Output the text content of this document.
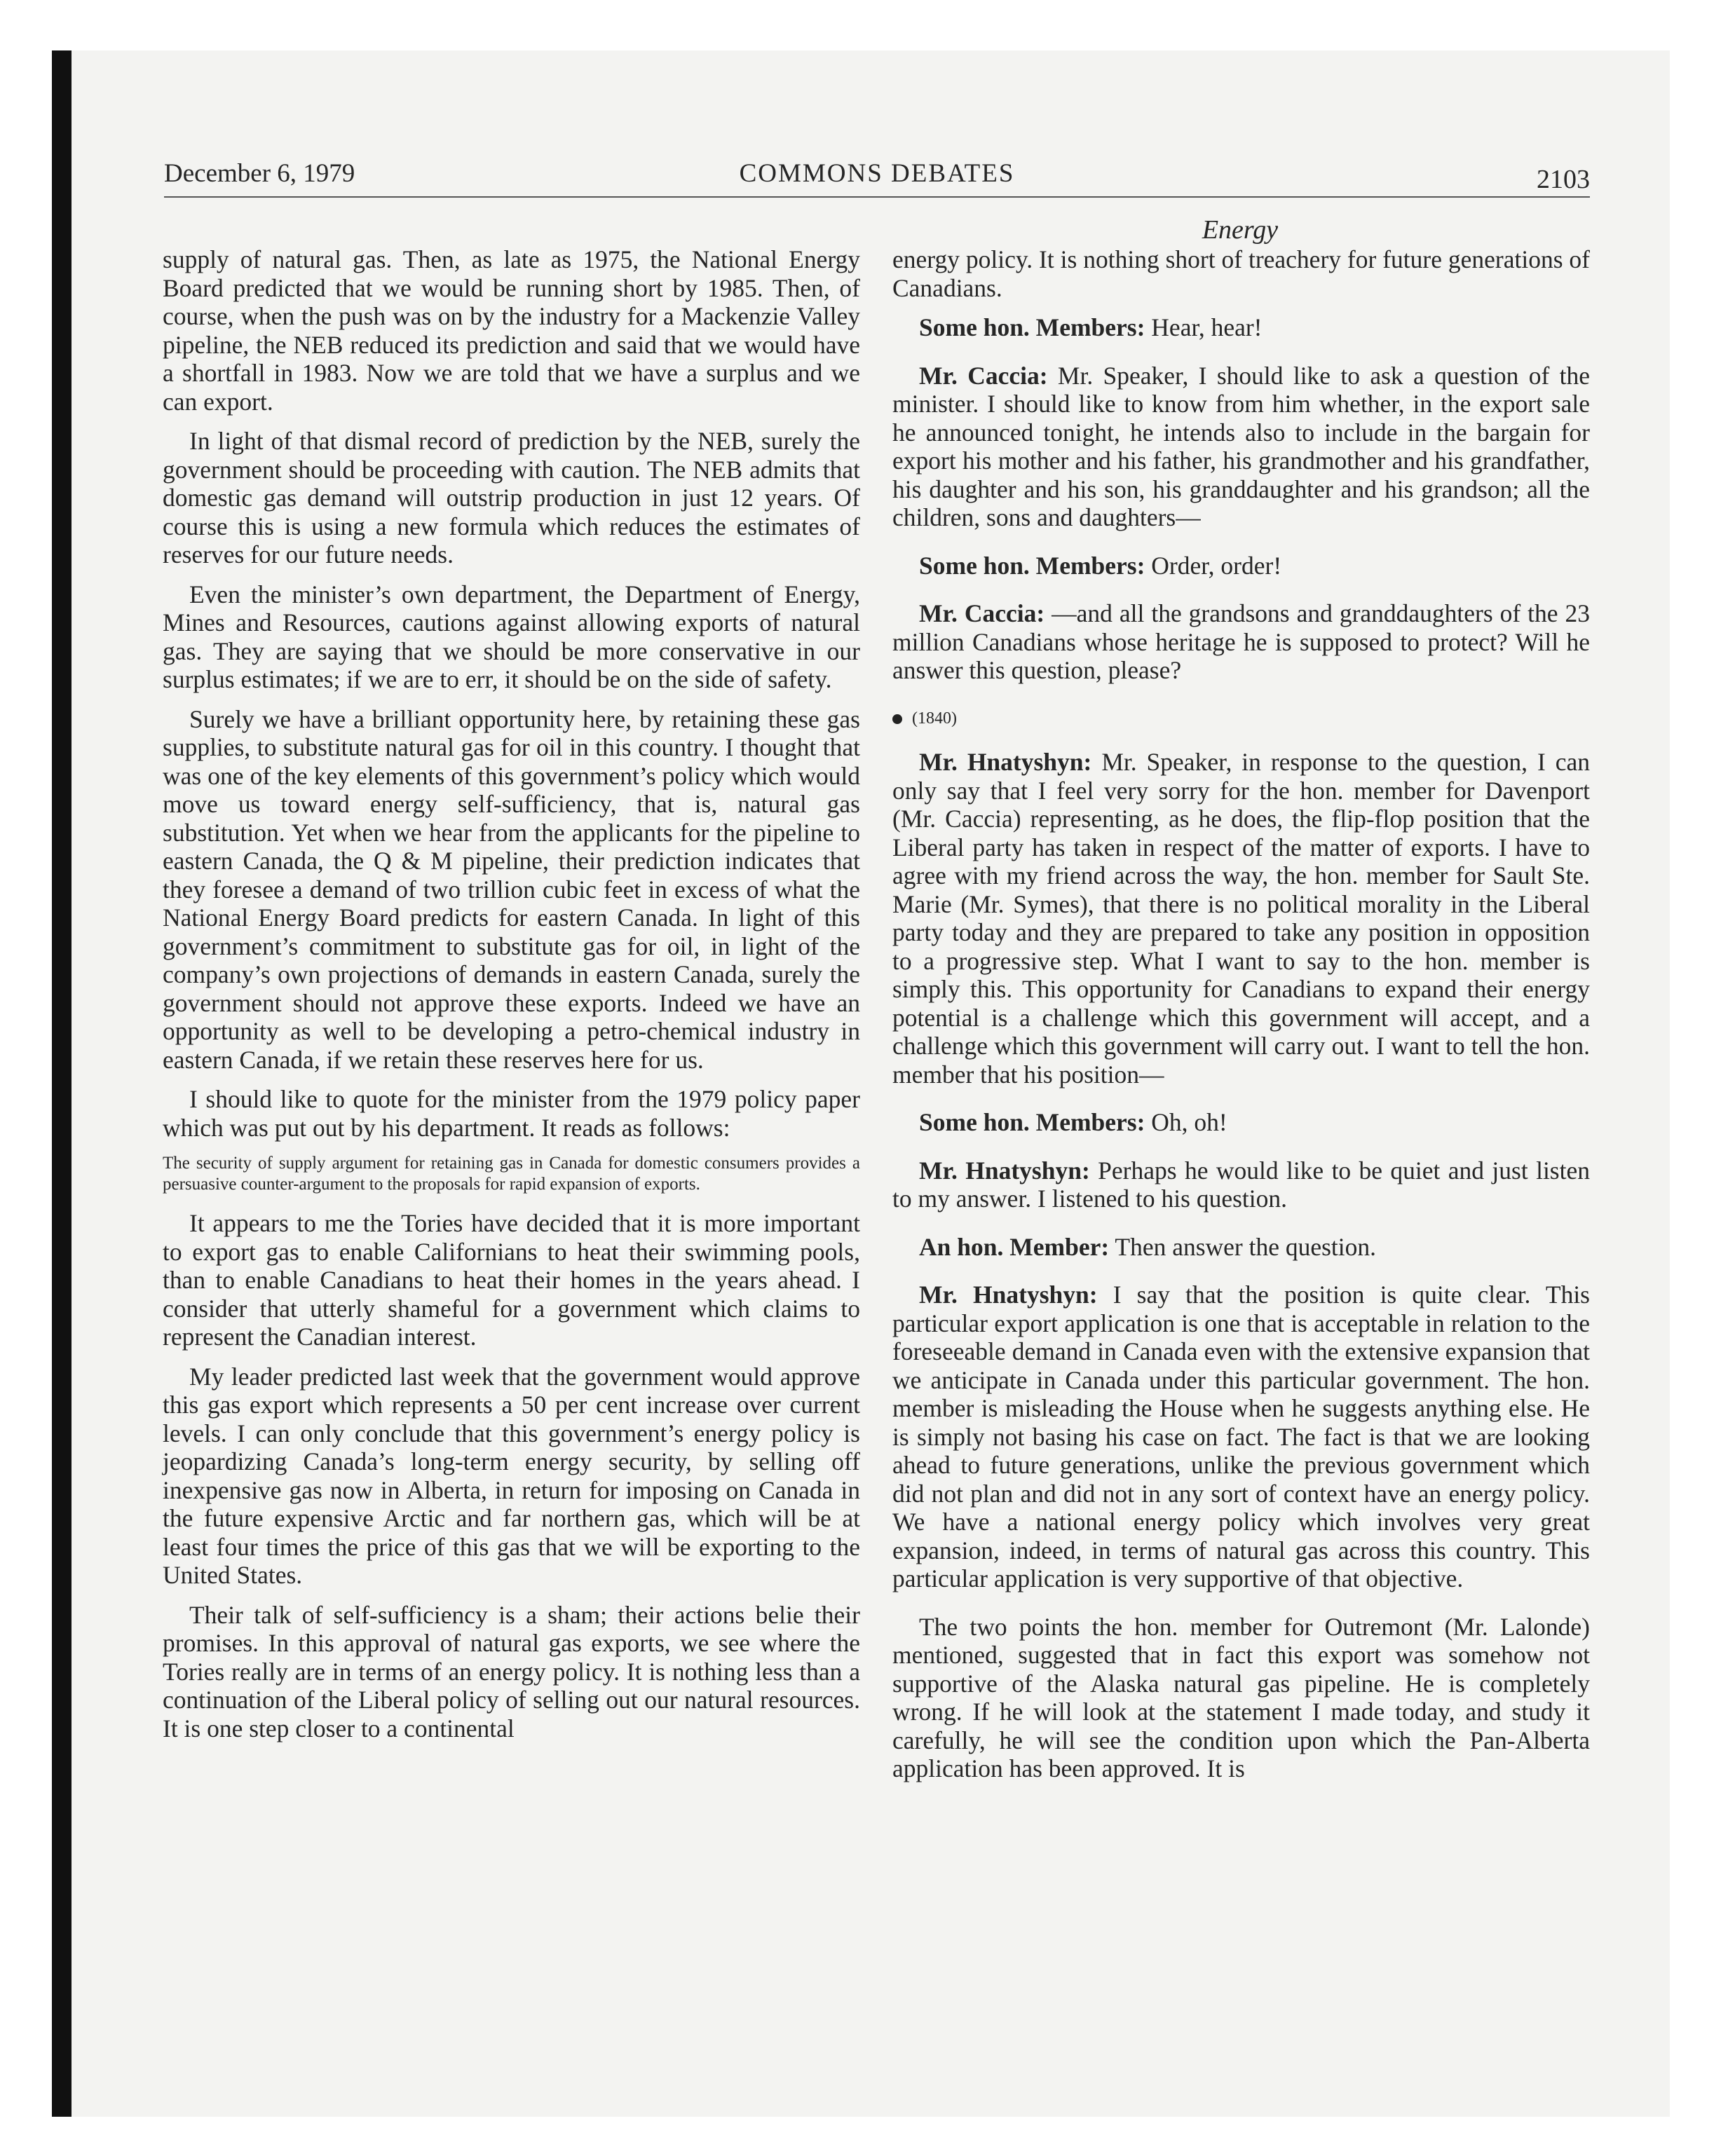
December 6, 1979	COMMONS DEBATES	2103
Energy

supply of natural gas. Then, as late as 1975, the National Energy Board predicted that we would be running short by 1985. Then, of course, when the push was on by the industry for a Mackenzie Valley pipeline, the NEB reduced its prediction and said that we would have a shortfall in 1983. Now we are told that we have a surplus and we can export.

In light of that dismal record of prediction by the NEB, surely the government should be proceeding with caution. The NEB admits that domestic gas demand will outstrip production in just 12 years. Of course this is using a new formula which reduces the estimates of reserves for our future needs.

Even the minister’s own department, the Department of Energy, Mines and Resources, cautions against allowing exports of natural gas. They are saying that we should be more conservative in our surplus estimates; if we are to err, it should be on the side of safety.

Surely we have a brilliant opportunity here, by retaining these gas supplies, to substitute natural gas for oil in this country. I thought that was one of the key elements of this government’s policy which would move us toward energy self-sufficiency, that is, natural gas substitution. Yet when we hear from the applicants for the pipeline to eastern Canada, the Q & M pipeline, their prediction indicates that they foresee a demand of two trillion cubic feet in excess of what the National Energy Board predicts for eastern Canada. In light of this government’s commitment to substitute gas for oil, in light of the company’s own projections of demands in eastern Canada, surely the government should not approve these exports. Indeed we have an opportunity as well to be developing a petro-chemical industry in eastern Canada, if we retain these reserves here for us.

I should like to quote for the minister from the 1979 policy paper which was put out by his department. It reads as follows:

The security of supply argument for retaining gas in Canada for domestic consumers provides a persuasive counter-argument to the proposals for rapid expansion of exports.

It appears to me the Tories have decided that it is more important to export gas to enable Californians to heat their swimming pools, than to enable Canadians to heat their homes in the years ahead. I consider that utterly shameful for a government which claims to represent the Canadian interest.

My leader predicted last week that the government would approve this gas export which represents a 50 per cent increase over current levels. I can only conclude that this government’s energy policy is jeopardizing Canada’s long-term energy security, by selling off inexpensive gas now in Alberta, in return for imposing on Canada in the future expensive Arctic and far northern gas, which will be at least four times the price of this gas that we will be exporting to the United States.

Their talk of self-sufficiency is a sham; their actions belie their promises. In this approval of natural gas exports, we see where the Tories really are in terms of an energy policy. It is nothing less than a continuation of the Liberal policy of selling out our natural resources. It is one step closer to a continental

energy policy. It is nothing short of treachery for future generations of Canadians.

Some hon. Members: Hear, hear!

Mr. Caccia: Mr. Speaker, I should like to ask a question of the minister. I should like to know from him whether, in the export sale he announced tonight, he intends also to include in the bargain for export his mother and his father, his grandmother and his grandfather, his daughter and his son, his granddaughter and his grandson; all the children, sons and daughters—

Some hon. Members: Order, order!

Mr. Caccia: —and all the grandsons and granddaughters of the 23 million Canadians whose heritage he is supposed to protect? Will he answer this question, please?

(1840)

Mr. Hnatyshyn: Mr. Speaker, in response to the question, I can only say that I feel very sorry for the hon. member for Davenport (Mr. Caccia) representing, as he does, the flip-flop position that the Liberal party has taken in respect of the matter of exports. I have to agree with my friend across the way, the hon. member for Sault Ste. Marie (Mr. Symes), that there is no political morality in the Liberal party today and they are prepared to take any position in opposition to a progressive step. What I want to say to the hon. member is simply this. This opportunity for Canadians to expand their energy potential is a challenge which this government will accept, and a challenge which this government will carry out. I want to tell the hon. member that his position—

Some hon. Members: Oh, oh!

Mr. Hnatyshyn: Perhaps he would like to be quiet and just listen to my answer. I listened to his question.

An hon. Member: Then answer the question.

Mr. Hnatyshyn: I say that the position is quite clear. This particular export application is one that is acceptable in relation to the foreseeable demand in Canada even with the extensive expansion that we anticipate in Canada under this particular government. The hon. member is misleading the House when he suggests anything else. He is simply not basing his case on fact. The fact is that we are looking ahead to future generations, unlike the previous government which did not plan and did not in any sort of context have an energy policy. We have a national energy policy which involves very great expansion, indeed, in terms of natural gas across this country. This particular application is very supportive of that objective.

The two points the hon. member for Outremont (Mr. Lalonde) mentioned, suggested that in fact this export was somehow not supportive of the Alaska natural gas pipeline. He is completely wrong. If he will look at the statement I made today, and study it carefully, he will see the condition upon which the Pan-Alberta application has been approved. It is
